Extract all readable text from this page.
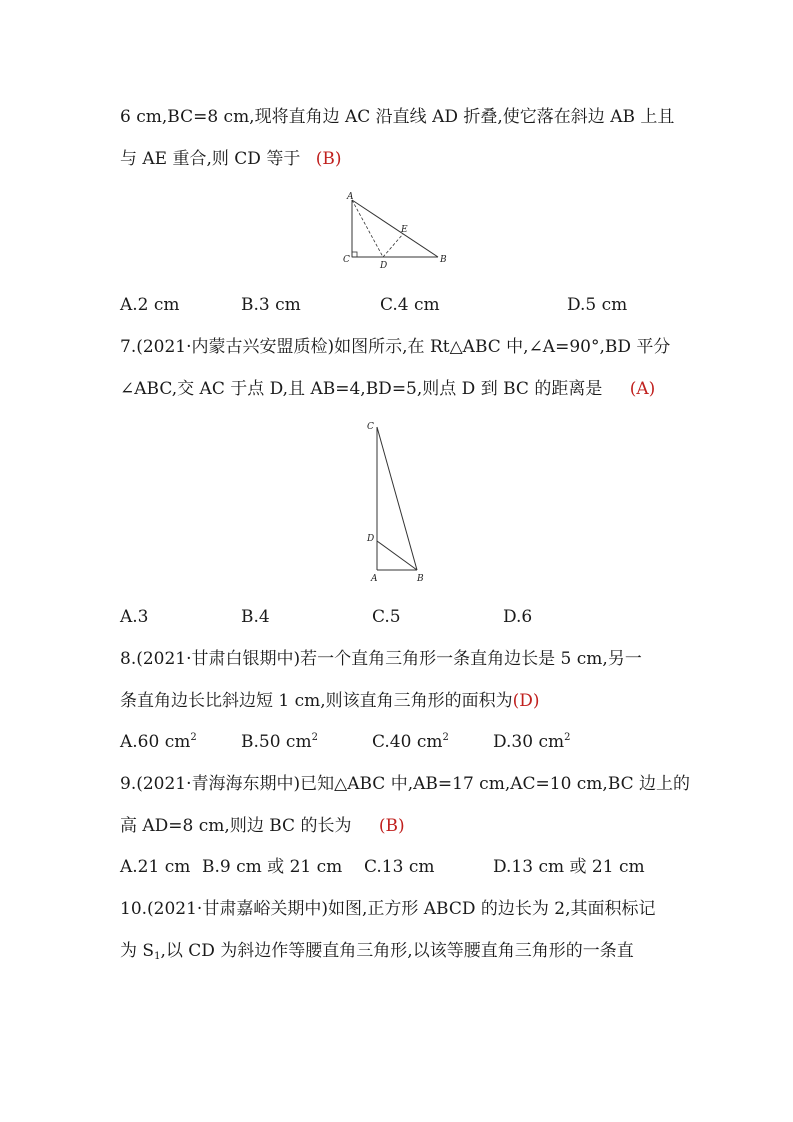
6 cm,BC=8 cm,现将直角边 AC 沿直线 AD 折叠,使它落在斜边 AB 上且
与 AE 重合,则 CD 等于 (B)
A
E
C
D
B
A.2 cm	B.3 cm	C.4 cm	D.5 cm
7.(2021·内蒙古兴安盟质检)如图所示,在 Rt△ABC 中,∠A=90°,BD 平分
∠ABC,交 AC 于点 D,且 AB=4,BD=5,则点 D 到 BC 的距离是 (A)
C
D
A	B
A.3	B.4	C.5	D.6
8.(2021·甘肃白银期中)若一个直角三角形一条直角边长是 5 cm,另一
条直角边长比斜边短 1 cm,则该直角三角形的面积为(D)
A.60 $cm^2$	B.50 $cm^2$	C.40 $cm^2$	D.30 $cm^2$
9.(2021·青海海东期中)已知△ABC 中,AB=17 cm,AC=10 cm,BC 边上的
高 AD=8 cm,则边 BC 的长为 (B)
A.21 cm B.9 cm 或 21 cm C.13 cm	D.13 cm 或 21 cm
10.(2021·甘肃嘉峪关期中)如图,正方形 ABCD 的边长为 2,其面积标记
为 $S_1$,以 CD 为斜边作等腰直角三角形,以该等腰直角三角形的一条直
